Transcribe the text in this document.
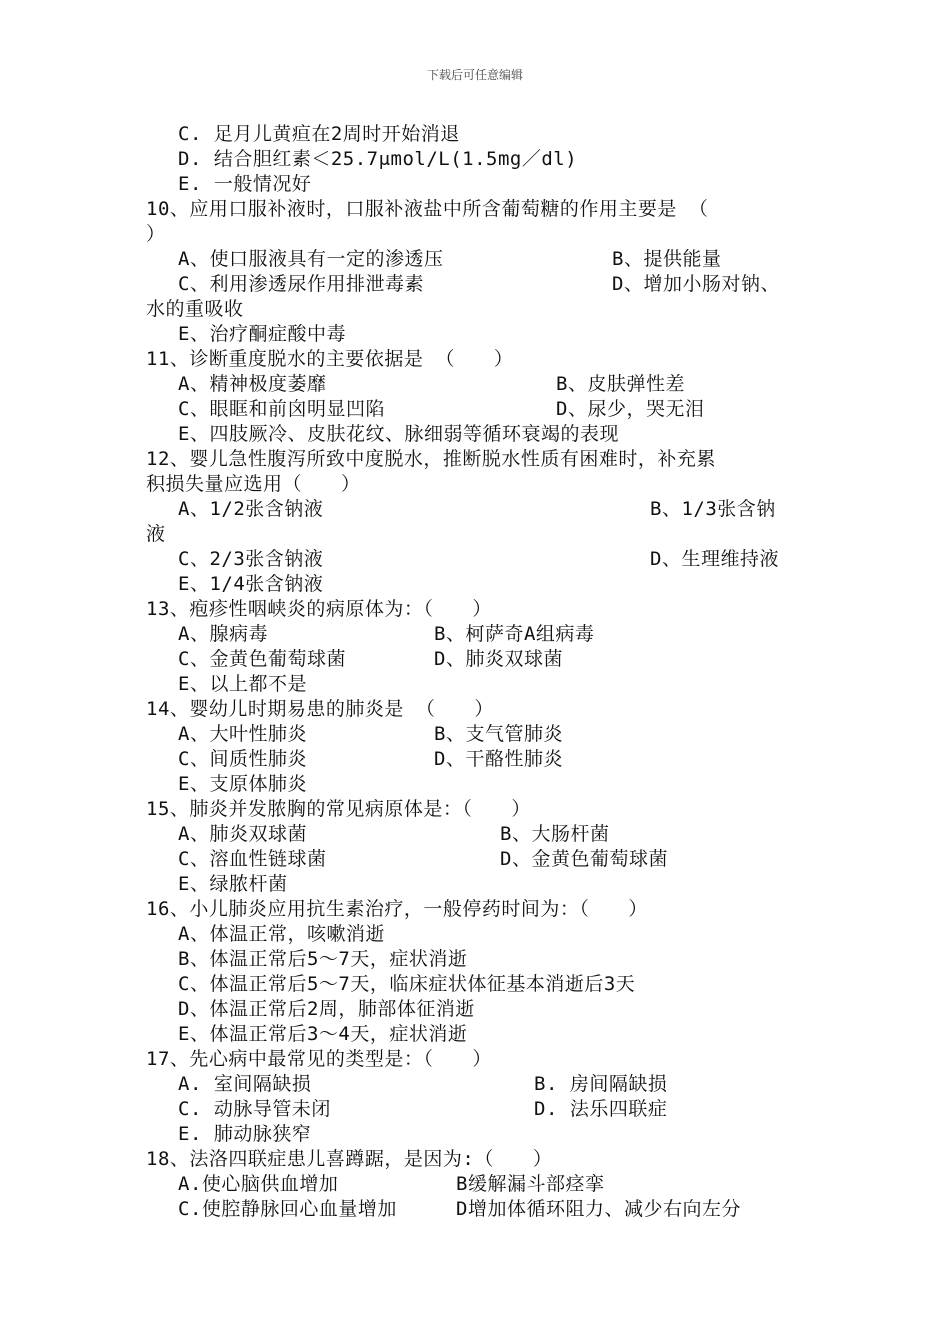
下载后可任意编辑
C. 足月儿黄疸在2周时开始消退
D. 结合胆红素＜25.7μmol/L(1.5mg／dl)
E. 一般情况好
10、应用口服补液时，口服补液盐中所含葡萄糖的作用主要是 （
）
A、使口服液具有一定的渗透压	B、提供能量
C、利用渗透尿作用排泄毒素	D、增加小肠对钠、
水的重吸收
E、治疗酮症酸中毒
11、诊断重度脱水的主要依据是 （　　）
A、精神极度萎靡	B、皮肤弹性差
C、眼眶和前囟明显凹陷	D、尿少，哭无泪
E、四肢厥冷、皮肤花纹、脉细弱等循环衰竭的表现
12、婴儿急性腹泻所致中度脱水，推断脱水性质有困难时，补充累
积损失量应选用（　　）
A、1/2张含钠液	B、1/3张含钠
液
C、2/3张含钠液	D、生理维持液
E、1/4张含钠液
13、疱疹性咽峡炎的病原体为：（　　）
A、腺病毒	B、柯萨奇A组病毒
C、金黄色葡萄球菌	D、肺炎双球菌
E、以上都不是
14、婴幼儿时期易患的肺炎是 （　　）
A、大叶性肺炎	B、支气管肺炎
C、间质性肺炎	D、干酪性肺炎
E、支原体肺炎
15、肺炎并发脓胸的常见病原体是：（　　）
A、肺炎双球菌	B、大肠杆菌
C、溶血性链球菌	D、金黄色葡萄球菌
E、绿脓杆菌
16、小儿肺炎应用抗生素治疗，一般停药时间为：（　　）
A、体温正常，咳嗽消逝
B、体温正常后5～7天，症状消逝
C、体温正常后5～7天，临床症状体征基本消逝后3天
D、体温正常后2周，肺部体征消逝
E、体温正常后3～4天，症状消逝
17、先心病中最常见的类型是：（　　）
A. 室间隔缺损	B. 房间隔缺损
C. 动脉导管未闭	D. 法乐四联症
E. 肺动脉狭窄
18、法洛四联症患儿喜蹲踞，是因为:（　　）
A.使心脑供血增加	B缓解漏斗部痉挛
C.使腔静脉回心血量增加	D增加体循环阻力、减少右向左分
